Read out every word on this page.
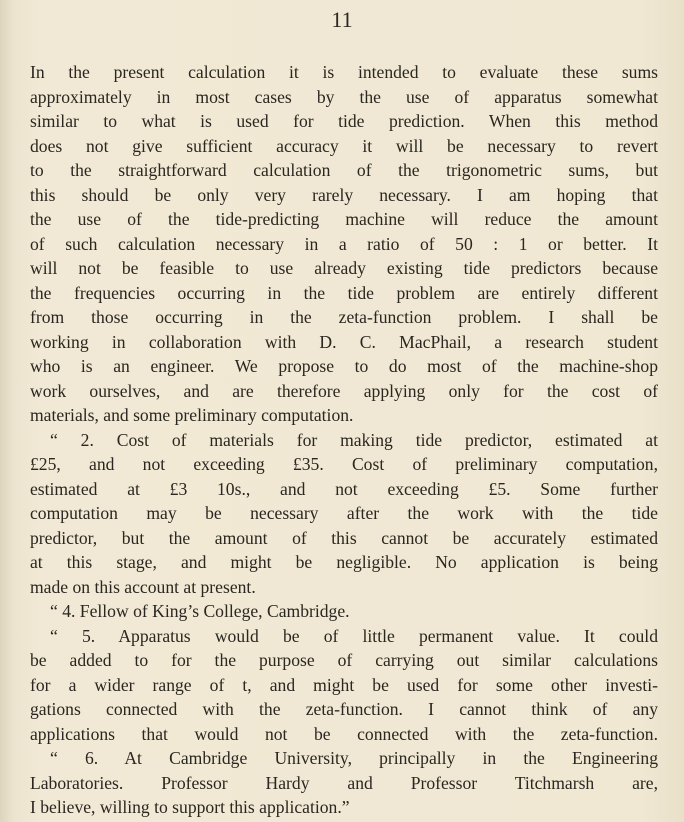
11
In the present calculation it is intended to evaluate these sums
approximately in most cases by the use of apparatus somewhat
similar to what is used for tide prediction. When this method
does not give sufficient accuracy it will be necessary to revert
to the straightforward calculation of the trigonometric sums, but
this should be only very rarely necessary. I am hoping that
the use of the tide-predicting machine will reduce the amount
of such calculation necessary in a ratio of 50 : 1 or better. It
will not be feasible to use already existing tide predictors because
the frequencies occurring in the tide problem are entirely different
from those occurring in the zeta-function problem. I shall be
working in collaboration with D. C. MacPhail, a research student
who is an engineer. We propose to do most of the machine-shop
work ourselves, and are therefore applying only for the cost of
materials, and some preliminary computation.
“ 2. Cost of materials for making tide predictor, estimated at
£25, and not exceeding £35. Cost of preliminary computation,
estimated at £3 10s., and not exceeding £5. Some further
computation may be necessary after the work with the tide
predictor, but the amount of this cannot be accurately estimated
at this stage, and might be negligible. No application is being
made on this account at present.
“ 4. Fellow of King’s College, Cambridge.
“ 5. Apparatus would be of little permanent value. It could
be added to for the purpose of carrying out similar calculations
for a wider range of t, and might be used for some other investi-
gations connected with the zeta-function. I cannot think of any
applications that would not be connected with the zeta-function.
“ 6. At Cambridge University, principally in the Engineering
Laboratories. Professor Hardy and Professor Titchmarsh are,
I believe, willing to support this application.”
